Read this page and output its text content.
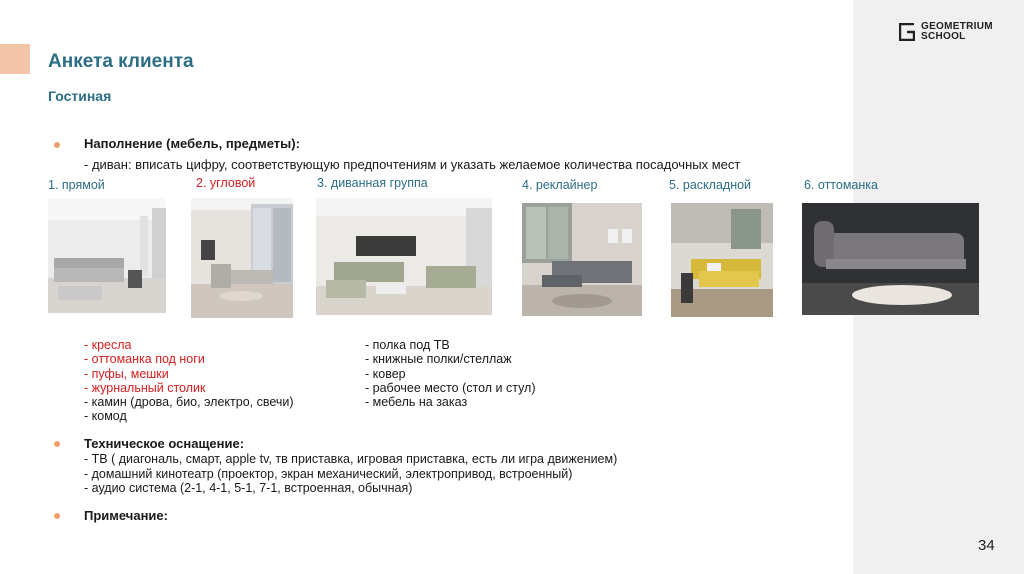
GEOMETRIUM
SCHOOL
Анкета клиента
Гостиная
Наполнение (мебель, предметы):
- диван: вписать цифру, соответствующую предпочтениям и указать желаемое количества посадочных мест
1. прямой	2. угловой	3. диванная группа	4. реклайнер	5. раскладной	6. оттоманка
- кресла
- оттоманка под ноги
- пуфы, мешки
- журнальный столик
- камин (дрова, био, электро, свечи)
- комод
- полка под ТВ
- книжные полки/стеллаж
- ковер
- рабочее место (стол и стул)
- мебель на заказ
Техническое оснащение:
- ТВ ( диагональ, смарт, apple tv, тв приставка, игровая приставка, есть ли игра движением)
- домашний кинотеатр (проектор, экран механический, электропривод, встроенный)
- аудио система (2-1, 4-1, 5-1, 7-1, встроенная, обычная)
Примечание:
34
